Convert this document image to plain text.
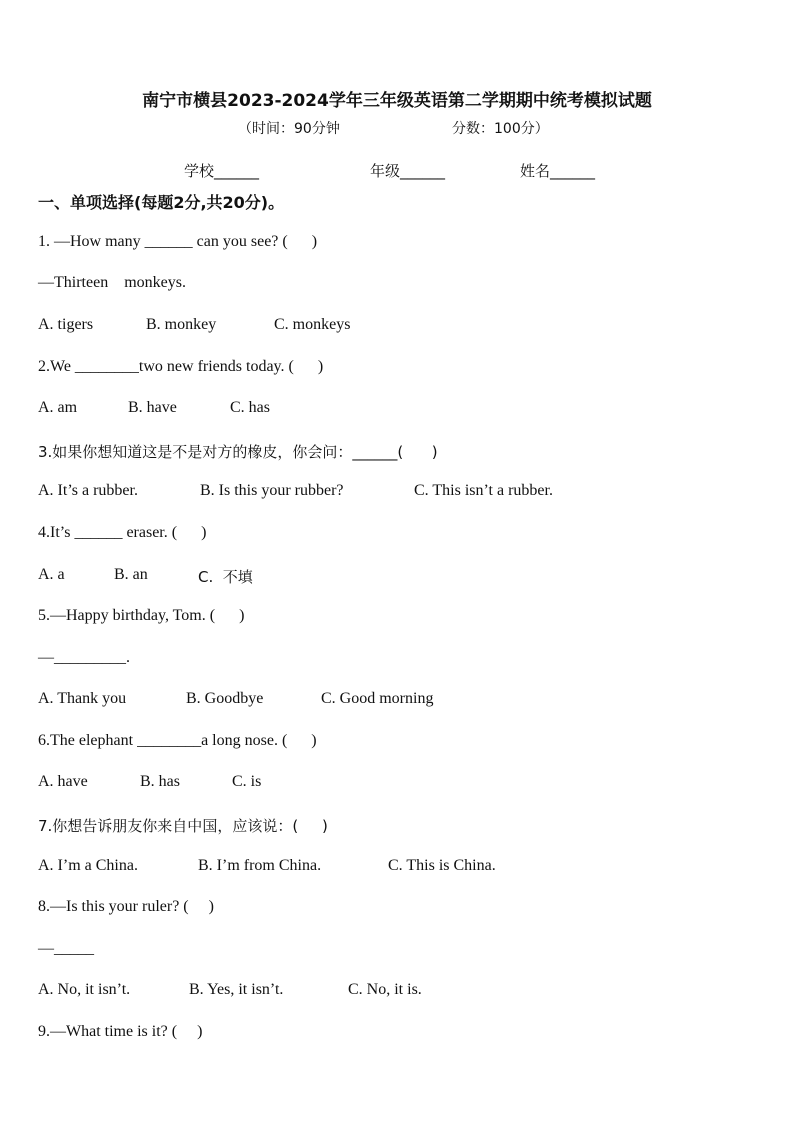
南宁市横县2023-2024学年三年级英语第二学期期中统考模拟试题
（时间：90分钟	分数：100分）
学校______	年级______	姓名______
一、单项选择(每题2分,共20分)。
1. —How many ______ can you see? (      )
—Thirteen    monkeys.
A. tigers	B. monkey	C. monkeys
2.We ________two new friends today. (      )
A. am	B. have	C. has
3.如果你想知道这是不是对方的橡皮，你会问：______(      )
A. It’s a rubber.	B. Is this your rubber?	C. This isn’t a rubber.
4.It’s ______ eraser. (      )
A. a	B. an	C.  不填
5.—Happy birthday, Tom. (      )
—_________.
A. Thank you	B. Goodbye	C. Good morning
6.The elephant ________a long nose. (      )
A. have	B. has	C. is
7.你想告诉朋友你来自中国，应该说：(     )
A. I’m a China.	B. I’m from China.	C. This is China.
8.—Is this your ruler? (     )
—_____
A. No, it isn’t.	B. Yes, it isn’t.	C. No, it is.
9.—What time is it? (     )
